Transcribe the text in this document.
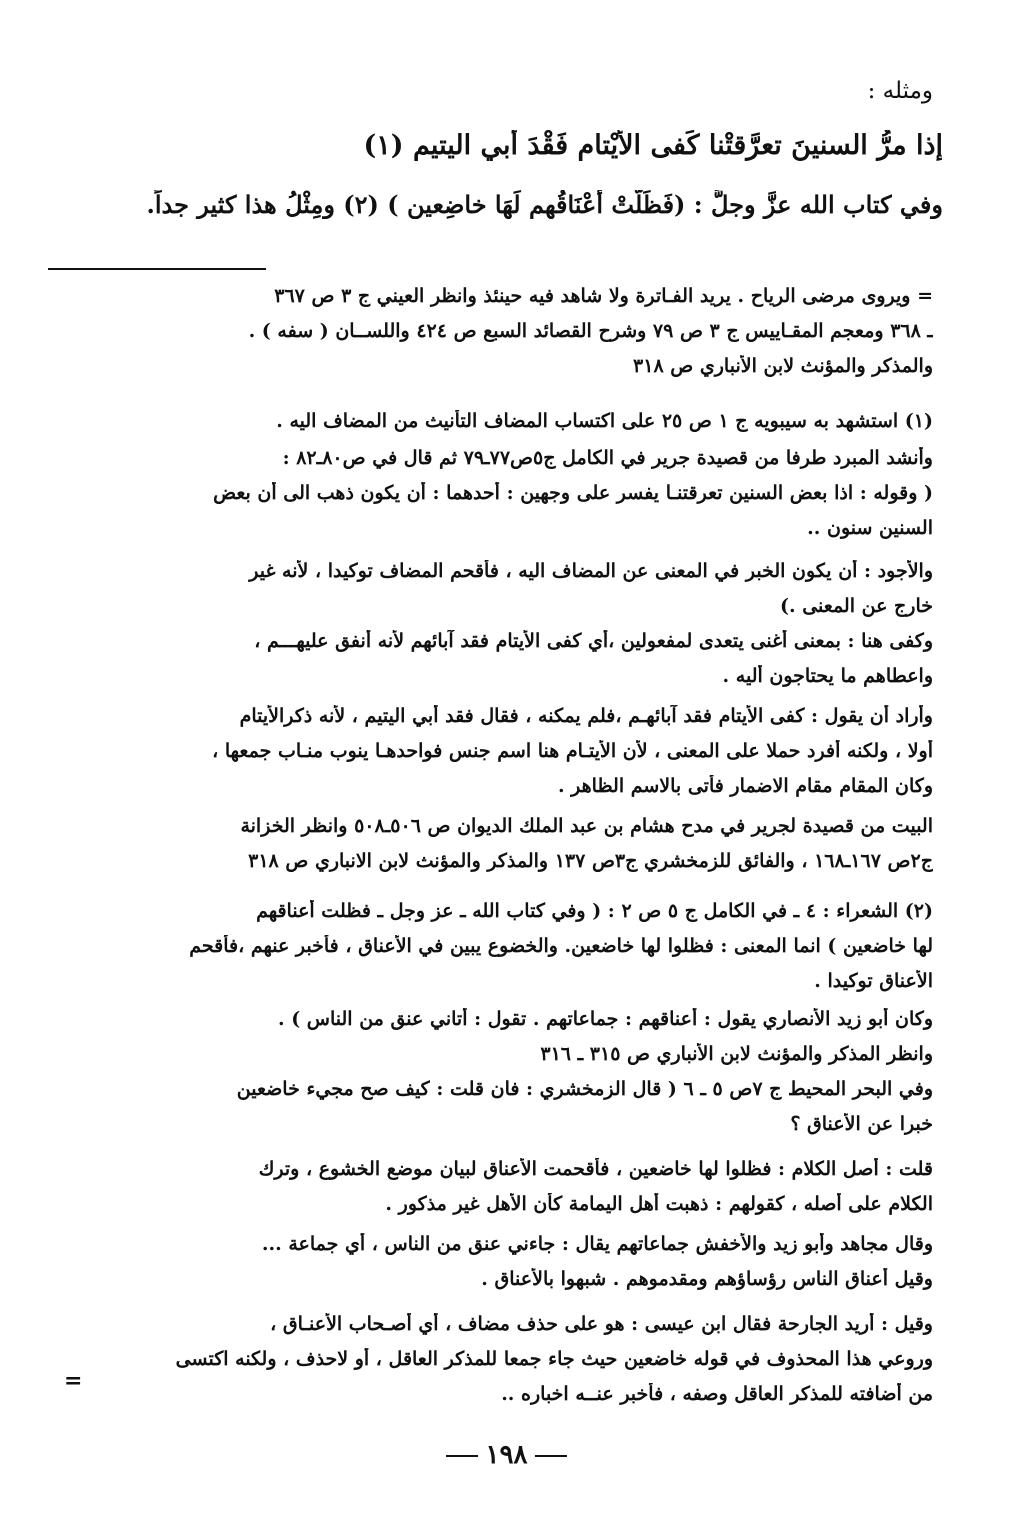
ومثله :
إذا مرُّ السنينَ تعرَّقتْنا كَفى الأَيْتام فَقْدَ أَبي اليتيمِ (١)
وفي كتاب الله عزَّ وجلَّ : (فَظَلَّتْ أَعْنَاقُهم لَهَا خاضِعين ) (٢) ومِثْلُ هذا كثير جداً.
= ويروى مرضى الرياح . يريد الفـاترة ولا شاهد فيه حينئذ وانظر العيني ج ٣ ص ٣٦٧
ـ ٣٦٨ ومعجم المقـاييس ج ٣ ص ٧٩ وشرح القصائد السبع ص ٤٢٤ واللســان ( سفه ) .
والمذكر والمؤنث لابن الأنباري ص ٣١٨
(١) استشهد به سيبويه ج ١ ص ٢٥ على اكتساب المضاف التأنيث من المضاف اليه .
وأنشد المبرد طرفا من قصيدة جرير في الكامل ج٥ص٧٧ـ٧٩ ثم قال في ص٨٠ـ٨٢ :
( وقوله : اذا بعض السنين تعرقتنـا يفسر على وجهين : أحدهما : أن يكون ذهب الى أن بعض
السنين سنون ..
والأجود : أن يكون الخبر في المعنى عن المضاف اليه ، فأقحم المضاف توكيدا ، لأنه غير
خارج عن المعنى .)
وكفى هنا : بمعنى أغنى يتعدى لمفعولين ،أي كفى الأيتام فقد آبائهم لأنه أنفق عليهـــم ،
واعطاهم ما يحتاجون أليه .
وأراد أن يقول : كفى الأيتام فقد آبائهـم ،فلم يمكنه ، فقال فقد أبي اليتيم ، لأنه ذكرالأيتام
أولا ، ولكنه أفرد حملا على المعنى ، لأن الأيتـام هنا اسم جنس فواحدهـا ينوب منـاب جمعها ،
وكان المقام مقام الاضمار فأتى بالاسم الظاهر .
البيت من قصيدة لجرير في مدح هشام بن عبد الملك الديوان ص ٥٠٦ـ٥٠٨ وانظر الخزانة
ج٢ص ١٦٧ـ١٦٨ ، والفائق للزمخشري ج٣ص ١٣٧ والمذكر والمؤنث لابن الانباري ص ٣١٨
(٢) الشعراء : ٤ ـ في الكامل ج ٥ ص ٢ : ( وفي كتاب الله ـ عز وجل ـ فظلت أعناقهم
لها خاضعين ) انما المعنى : فظلوا لها خاضعين. والخضوع يبين في الأعناق ، فأخبر عنهم ،فأقحم
الأعناق توكيدا .
وكان أبو زيد الأنصاري يقول : أعناقهم : جماعاتهم . تقول : أتاني عنق من الناس ) .
وانظر المذكر والمؤنث لابن الأنباري ص ٣١٥ ـ ٣١٦
وفي البحر المحيط ج ٧ص ٥ ـ ٦ ( قال الزمخشري : فان قلت : كيف صح مجيء خاضعين
خبرا عن الأعناق ؟
قلت : أصل الكلام : فظلوا لها خاضعين ، فأقحمت الأعناق لبيان موضع الخشوع ، وترك
الكلام على أصله ، كقولهم : ذهبت أهل اليمامة كأن الأهل غير مذكور .
وقال مجاهد وأبو زيد والأخفش جماعاتهم يقال : جاءني عنق من الناس ، أي جماعة ...
وقيل أعناق الناس رؤساؤهم ومقدموهم . شبهوا بالأعناق .
وقيل : أريد الجارحة فقال ابن عيسى : هو على حذف مضاف ، أي أصـحاب الأعنـاق ،
وروعي هذا المحذوف في قوله خاضعين حيث جاء جمعا للمذكر العاقل ، أو لاحذف ، ولكنه اكتسى
من أضافته للمذكر العاقل وصفه ، فأخبر عنــه اخباره ..
=
١٩٨
